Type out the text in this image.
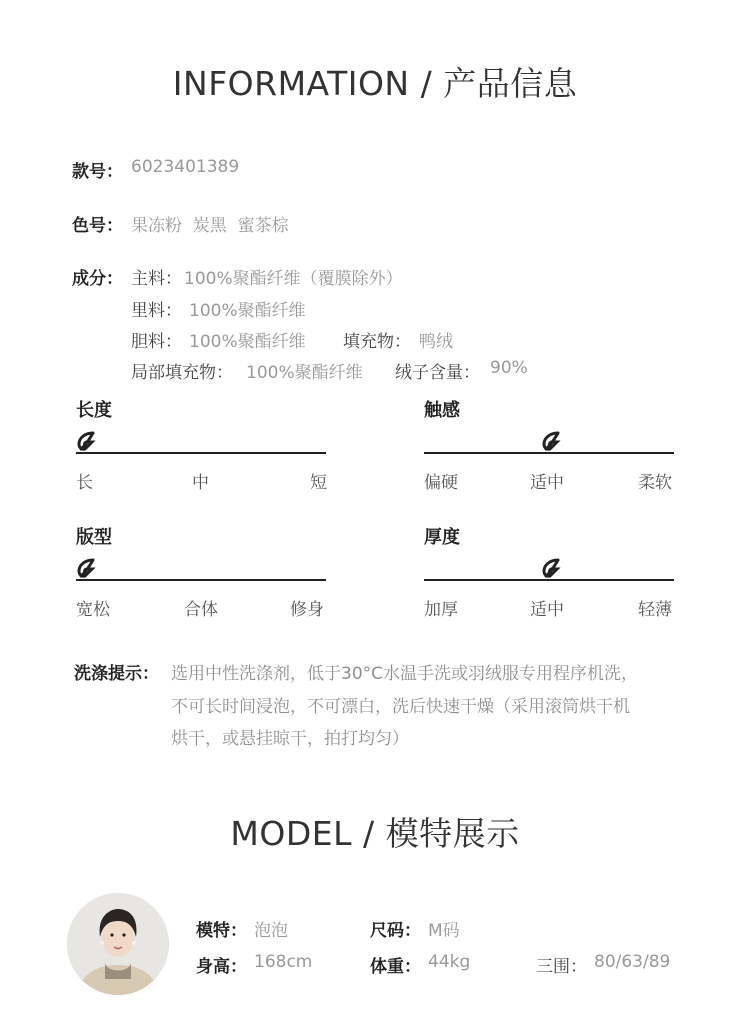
INFORMATION / 产品信息
款号： 6023401389
色号： 果冻粉  炭黑  蜜茶棕
成分： 主料： 100%聚酯纤维（覆膜除外）
里料： 100%聚酯纤维
胆料： 100%聚酯纤维 填充物： 鸭绒
局部填充物： 100%聚酯纤维 绒子含量： 90%
长度
长	中	短
触感
偏硬	适中	柔软
版型
宽松	合体	修身
厚度
加厚	适中	轻薄
洗涤提示： 选用中性洗涤剂，低于30°C水温手洗或羽绒服专用程序机洗，
不可长时间浸泡，不可漂白，洗后快速干燥（采用滚筒烘干机
烘干，或悬挂晾干，拍打均匀）
MODEL / 模特展示
模特： 泡泡	尺码： M码
身高： 168cm	体重： 44kg	三围： 80/63/89
